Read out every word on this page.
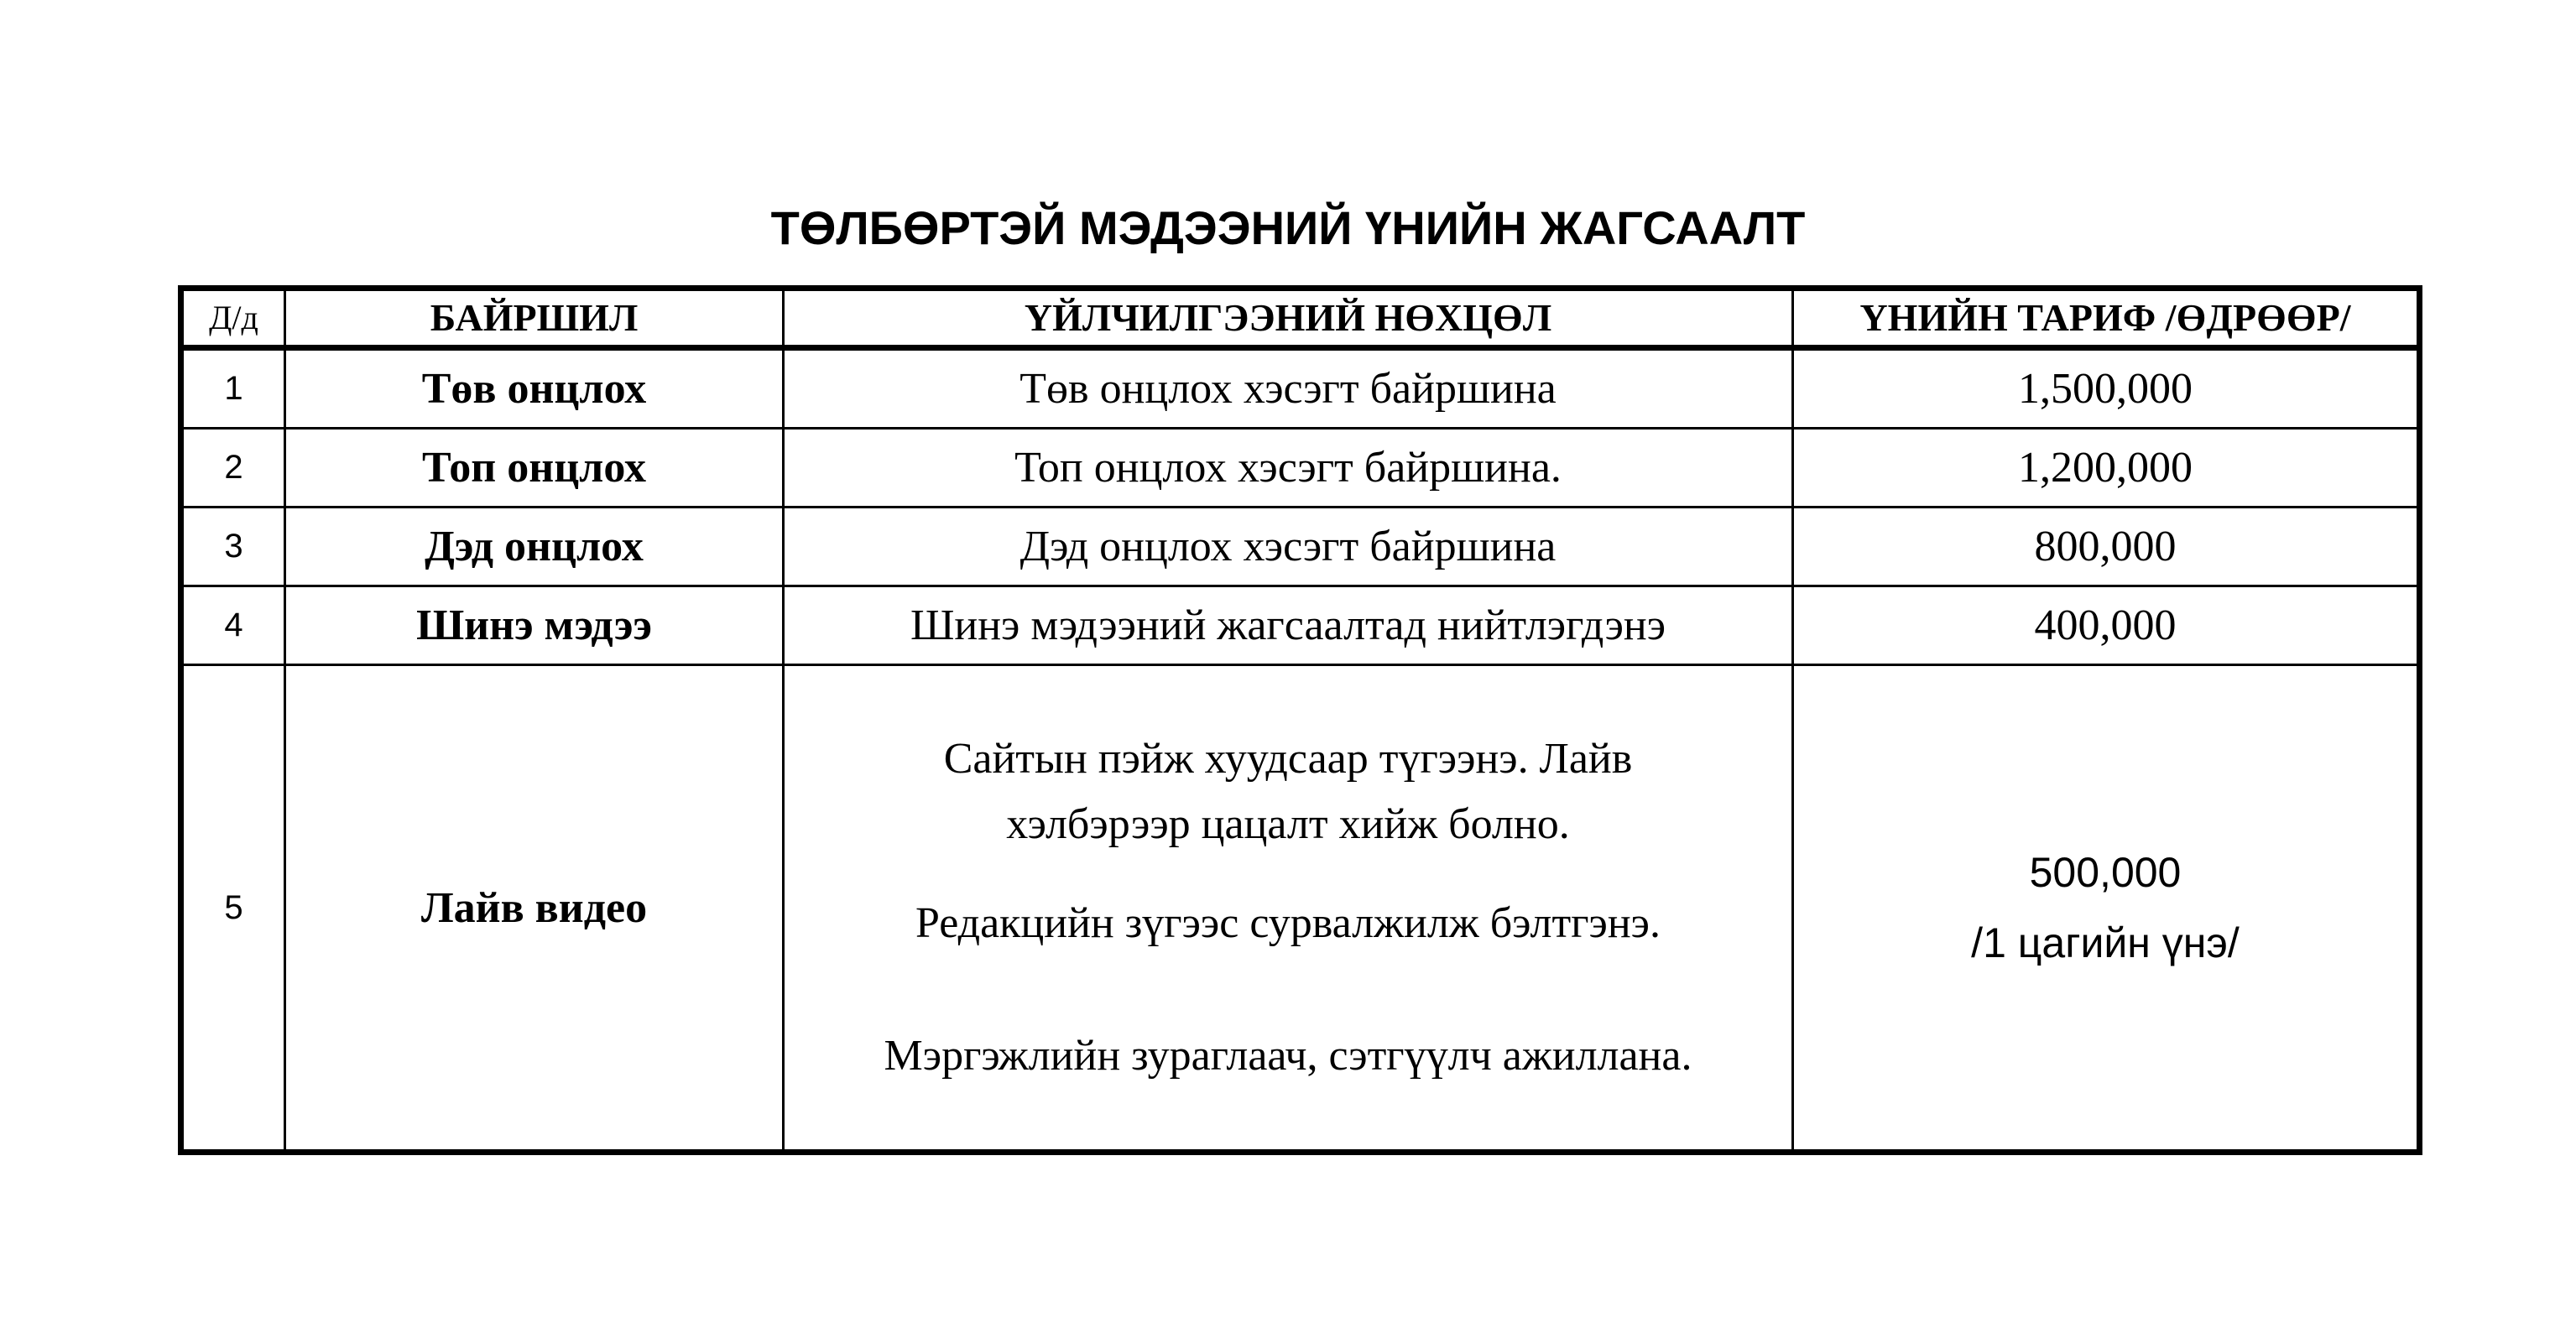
ТӨЛБӨРТЭЙ МЭДЭЭНИЙ ҮНИЙН ЖАГСААЛТ
Д/д	БАЙРШИЛ	ҮЙЛЧИЛГЭЭНИЙ НӨХЦӨЛ	ҮНИЙН ТАРИФ /ӨДРӨӨР/
1	Төв онцлох	Төв онцлох хэсэгт байршина	1,500,000
2	Топ онцлох	Топ онцлох хэсэгт байршина.	1,200,000
3	Дэд онцлох	Дэд онцлох хэсэгт байршина	800,000
4	Шинэ мэдээ	Шинэ мэдээний жагсаалтад нийтлэгдэнэ	400,000
5	Лайв видео	Сайтын пэйж хуудсаар түгээнэ. Лайв
хэлбэрээр цацалт хийж болно.
Редакцийн зүгээс сурвалжилж бэлтгэнэ.
Мэргэжлийн зураглаач, сэтгүүлч ажиллана.	500,000
/1 цагийн үнэ/
